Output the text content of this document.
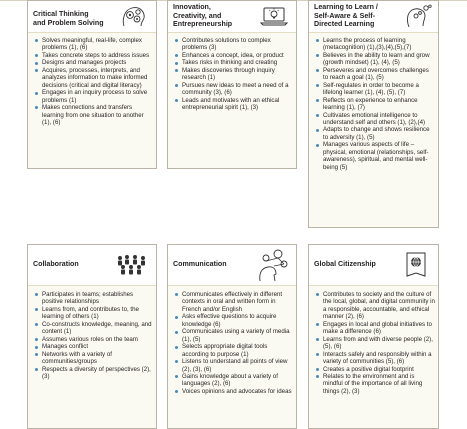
Critical Thinking
and Problem Solving
Solves meaningful, real-life, complex problems (1), (6)
Takes concrete steps to address issues
Designs and manages projects
Acquires, processes, interprets, and analyzes information to make informed decisions (critical and digital literacy)
Engages in an inquiry process to solve problems (1)
Makes connections and transfers learning from one situation to another (1), (6)
Innovation,
Creativity, and
Entrepreneurship
Contributes solutions to complex problems (3)
Enhances a concept, idea, or product
Takes risks in thinking and creating
Makes discoveries through inquiry research (1)
Pursues new ideas to meet a need of a community (3), (6)
Leads and motivates with an ethical entrepreneurial spirit (1), (3)
Learning to Learn /
Self-Aware & Self-
Directed Learning
Learns the process of learning (metacognition) (1),(3),(4),(5),(7)
Believes in the ability to learn and grow (growth mindset) (1), (4), (5)
Perseveres and overcomes challenges to reach a goal (1), (5)
Self-regulates in order to become a lifelong learner (1), (4), (5), (7)
Reflects on experience to enhance learning (1), (7)
Cultivates emotional intelligence to understand self and others (1), (2),(4)
Adapts to change and shows resilience to adversity (1), (5)
Manages various aspects of life – physical, emotional (relationships, self-awareness), spiritual, and mental well-being (5)
Collaboration
Participates in teams; establishes positive relationships
Learns from, and contributes to, the learning of others (1)
Co-constructs knowledge, meaning, and content (1)
Assumes various roles on the team
Manages conflict
Networks with a variety of communities/groups
Respects a diversity of perspectives (2), (3)
Communication
Communicates effectively in different contexts in oral and written form in French and/or English
Asks effective questions to acquire knowledge (6)
Communicates using a variety of media (1), (5)
Selects appropriate digital tools according to purpose (1)
Listens to understand all points of view (2), (3), (6)
Gains knowledge about a variety of languages (2), (6)
Voices opinions and advocates for ideas
Global Citizenship
Contributes to society and the culture of the local, global, and digital community in a responsible, accountable, and ethical manner (2), (6)
Engages in local and global initiatives to make a difference (6)
Learns from and with diverse people (2), (5), (6)
Interacts safely and responsibly within a variety of communities (5), (6)
Creates a positive digital footprint
Relates to the environment and is mindful of the importance of all living things (2), (3)
